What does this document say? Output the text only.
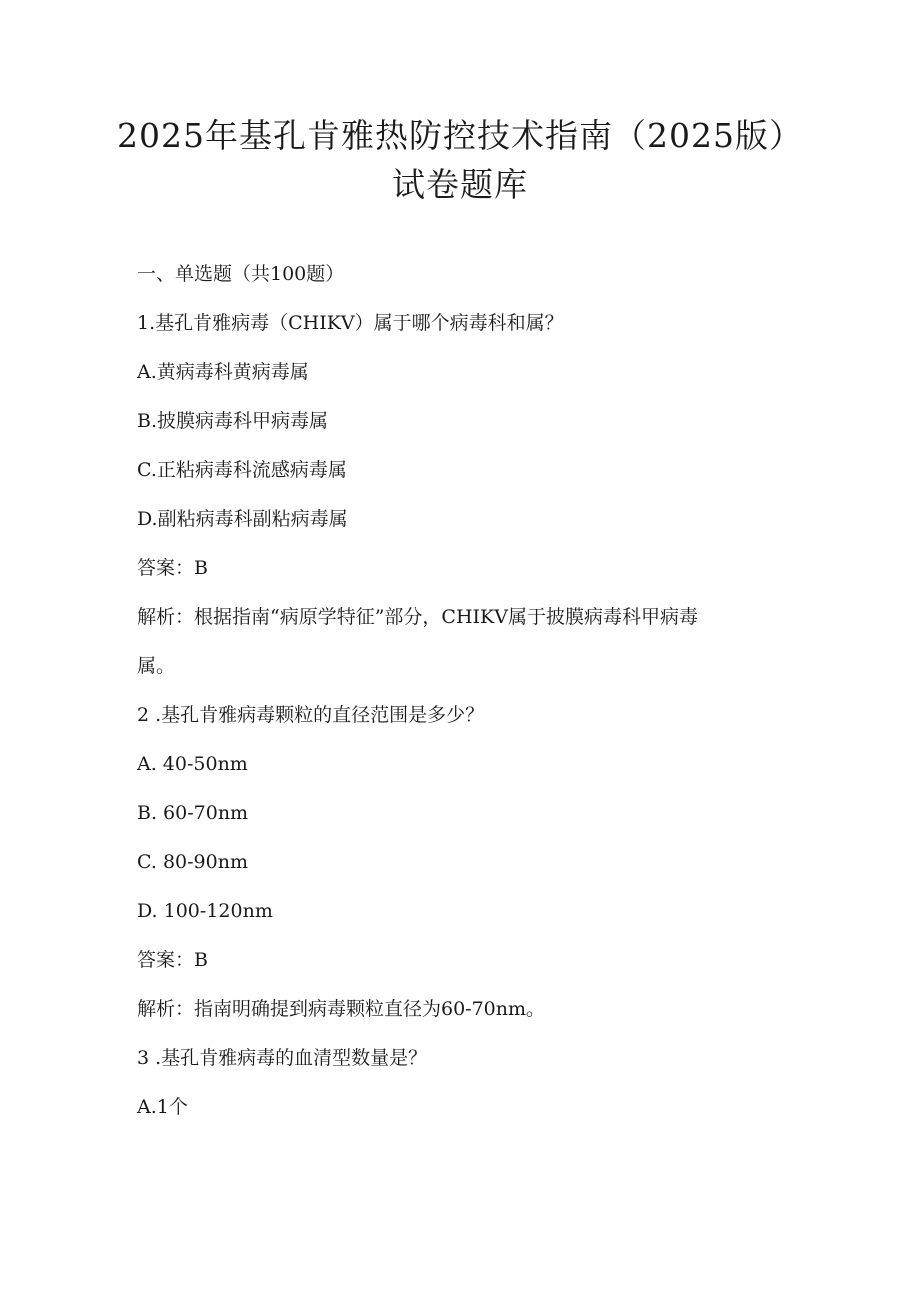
2025年基孔肯雅热防控技术指南（2025版）
试卷题库
一、单选题（共100题）
1.基孔肯雅病毒（CHIKV）属于哪个病毒科和属？
A.黄病毒科黄病毒属
B.披膜病毒科甲病毒属
C.正粘病毒科流感病毒属
D.副粘病毒科副粘病毒属
答案：B
解析：根据指南“病原学特征”部分，CHIKV属于披膜病毒科甲病毒
属。
2 .基孔肯雅病毒颗粒的直径范围是多少？
A. 40-50nm
B. 60-70nm
C. 80-90nm
D. 100-120nm
答案：B
解析：指南明确提到病毒颗粒直径为60-70nm。
3 .基孔肯雅病毒的血清型数量是？
A.1个
